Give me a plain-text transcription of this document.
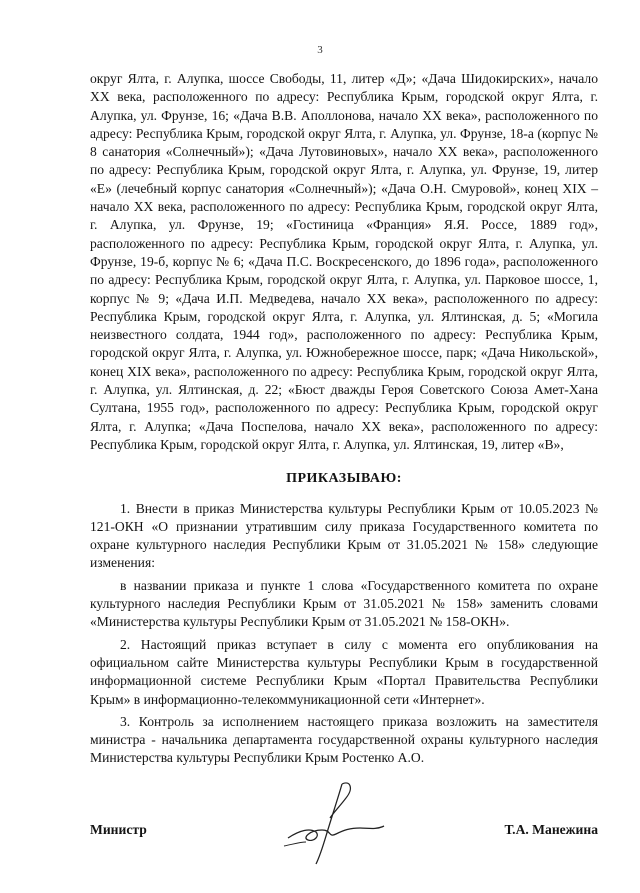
3

округ Ялта, г. Алупка, шоссе Свободы, 11, литер «Д»; «Дача Шидокирских», начало XX века, расположенного по адресу: Республика Крым, городской округ Ялта, г. Алупка, ул. Фрунзе, 16; «Дача В.В. Аполлонова, начало XX века», расположенного по адресу: Республика Крым, городской округ Ялта, г. Алупка, ул. Фрунзе, 18-а (корпус № 8 санатория «Солнечный»); «Дача Лутовиновых», начало XX века», расположенного по адресу: Республика Крым, городской округ Ялта, г. Алупка, ул. Фрунзе, 19, литер «Е» (лечебный корпус санатория «Солнечный»); «Дача О.Н. Смуровой», конец XIX – начало XX века, расположенного по адресу: Республика Крым, городской округ Ялта, г. Алупка, ул. Фрунзе, 19; «Гостиница «Франция» Я.Я. Россе, 1889 год», расположенного по адресу: Республика Крым, городской округ Ялта, г. Алупка, ул. Фрунзе, 19-б, корпус № 6; «Дача П.С. Воскресенского, до 1896 года», расположенного по адресу: Республика Крым, городской округ Ялта, г. Алупка, ул. Парковое шоссе, 1, корпус № 9; «Дача И.П. Медведева, начало XX века», расположенного по адресу: Республика Крым, городской округ Ялта, г. Алупка, ул. Ялтинская, д. 5; «Могила неизвестного солдата, 1944 год», расположенного по адресу: Республика Крым, городской округ Ялта, г. Алупка, ул. Южнобережное шоссе, парк; «Дача Никольской», конец XIX века», расположенного по адресу: Республика Крым, городской округ Ялта, г. Алупка, ул. Ялтинская, д. 22; «Бюст дважды Героя Советского Союза Амет-Хана Султана, 1955 год», расположенного по адресу: Республика Крым, городской округ Ялта, г. Алупка; «Дача Поспелова, начало XX века», расположенного по адресу: Республика Крым, городской округ Ялта, г. Алупка, ул. Ялтинская, 19, литер «В»,

ПРИКАЗЫВАЮ:

1. Внести в приказ Министерства культуры Республики Крым от 10.05.2023 № 121-ОКН «О признании утратившим силу приказа Государственного комитета по охране культурного наследия Республики Крым от 31.05.2021 № 158» следующие изменения:

в названии приказа и пункте 1 слова «Государственного комитета по охране культурного наследия Республики Крым от 31.05.2021 № 158» заменить словами «Министерства культуры Республики Крым от 31.05.2021 № 158-ОКН».

2. Настоящий приказ вступает в силу с момента его опубликования на официальном сайте Министерства культуры Республики Крым в государственной информационной системе Республики Крым «Портал Правительства Республики Крым» в информационно-телекоммуникационной сети «Интернет».

3. Контроль за исполнением настоящего приказа возложить на заместителя министра - начальника департамента государственной охраны культурного наследия Министерства культуры Республики Крым Ростенко А.О.

Министр	Т.А. Манежина
